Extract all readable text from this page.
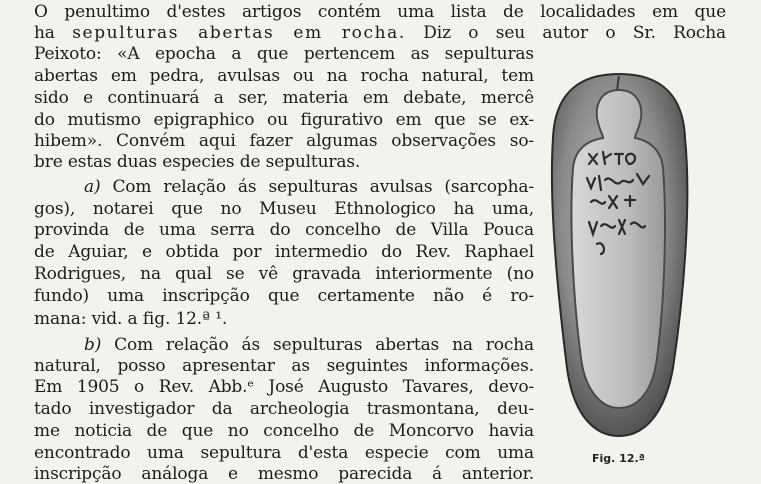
O penultimo d'estes artigos contém uma lista de localidades em que
ha sepulturas abertas em rocha. Diz o seu autor o Sr. Rocha
Peixoto: «A epocha a que pertencem as sepulturas
abertas em pedra, avulsas ou na rocha natural, tem
sido e continuará a ser, materia em debate, mercê
do mutismo epigraphico ou figurativo em que se ex-
hibem». Convém aqui fazer algumas observações so-
bre estas duas especies de sepulturas.
a) Com relação ás sepulturas avulsas (sarcopha-
gos), notarei que no Museu Ethnologico ha uma,
provinda de uma serra do concelho de Villa Pouca
de Aguiar, e obtida por intermedio do Rev. Raphael
Rodrigues, na qual se vê gravada interiormente (no
fundo) uma inscripção que certamente não é ro-
mana: vid. a fig. 12.ª ¹.
b) Com relação ás sepulturas abertas na rocha
natural, posso apresentar as seguintes informações.
Em 1905 o Rev. Abb.ᵉ José Augusto Tavares, devo-
tado investigador da archeologia trasmontana, deu-
me noticia de que no concelho de Moncorvo havia
encontrado uma sepultura d'esta especie com uma
inscripção análoga e mesmo parecida á anterior.
Fig. 12.ª
